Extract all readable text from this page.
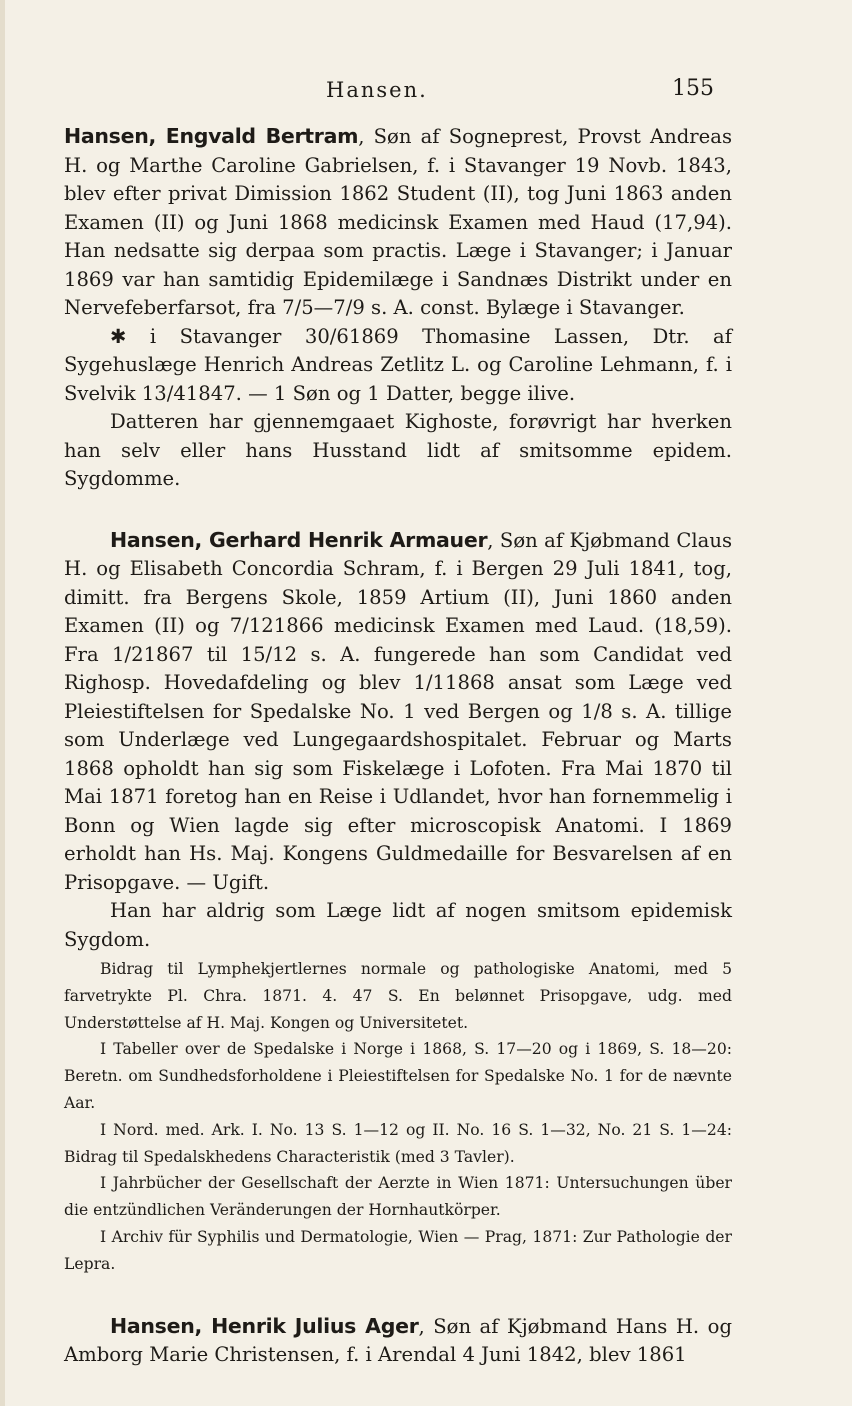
Hansen.	155

Hansen, Engvald Bertram, Søn af Sogneprest, Provst Andreas H. og Marthe Caroline Gabrielsen, f. i Stavanger 19 Novb. 1843, blev efter privat Dimission 1862 Student (II), tog Juni 1863 anden Examen (II) og Juni 1868 medicinsk Examen med Haud (17,94). Han nedsatte sig derpaa som practis. Læge i Stavanger; i Januar 1869 var han samtidig Epidemilæge i Sandnæs Distrikt under en Nervefeberfarsot, fra 7/5—7/9 s. A. const. Bylæge i Stavanger.

✱ i Stavanger 30/61869 Thomasine Lassen, Dtr. af Sygehuslæge Henrich Andreas Zetlitz L. og Caroline Lehmann, f. i Svelvik 13/41847. — 1 Søn og 1 Datter, begge ilive.

Datteren har gjennemgaaet Kighoste, forøvrigt har hverken han selv eller hans Husstand lidt af smitsomme epidem. Sygdomme.

Hansen, Gerhard Henrik Armauer, Søn af Kjøbmand Claus H. og Elisabeth Concordia Schram, f. i Bergen 29 Juli 1841, tog, dimitt. fra Bergens Skole, 1859 Artium (II), Juni 1860 anden Examen (II) og 7/121866 medicinsk Examen med Laud. (18,59). Fra 1/21867 til 15/12 s. A. fungerede han som Candidat ved Righosp. Hovedafdeling og blev 1/11868 ansat som Læge ved Pleiestiftelsen for Spedalske No. 1 ved Bergen og 1/8 s. A. tillige som Underlæge ved Lungegaardshospitalet. Februar og Marts 1868 opholdt han sig som Fiskelæge i Lofoten. Fra Mai 1870 til Mai 1871 foretog han en Reise i Udlandet, hvor han fornemmelig i Bonn og Wien lagde sig efter microscopisk Anatomi. I 1869 erholdt han Hs. Maj. Kongens Guldmedaille for Besvarelsen af en Prisopgave. — Ugift.

Han har aldrig som Læge lidt af nogen smitsom epidemisk Sygdom.

Bidrag til Lymphekjertlernes normale og pathologiske Anatomi, med 5 farvetrykte Pl. Chra. 1871. 4. 47 S. En belønnet Prisopgave, udg. med Understøttelse af H. Maj. Kongen og Universitetet.

I Tabeller over de Spedalske i Norge i 1868, S. 17—20 og i 1869, S. 18—20: Beretn. om Sundhedsforholdene i Pleiestiftelsen for Spedalske No. 1 for de nævnte Aar.

I Nord. med. Ark. I. No. 13 S. 1—12 og II. No. 16 S. 1—32, No. 21 S. 1—24: Bidrag til Spedalskhedens Characteristik (med 3 Tavler).

I Jahrbücher der Gesellschaft der Aerzte in Wien 1871: Untersuchungen über die entzündlichen Veränderungen der Hornhautkörper.

I Archiv für Syphilis und Dermatologie, Wien — Prag, 1871: Zur Pathologie der Lepra.

Hansen, Henrik Julius Ager, Søn af Kjøbmand Hans H. og Amborg Marie Christensen, f. i Arendal 4 Juni 1842, blev 1861
